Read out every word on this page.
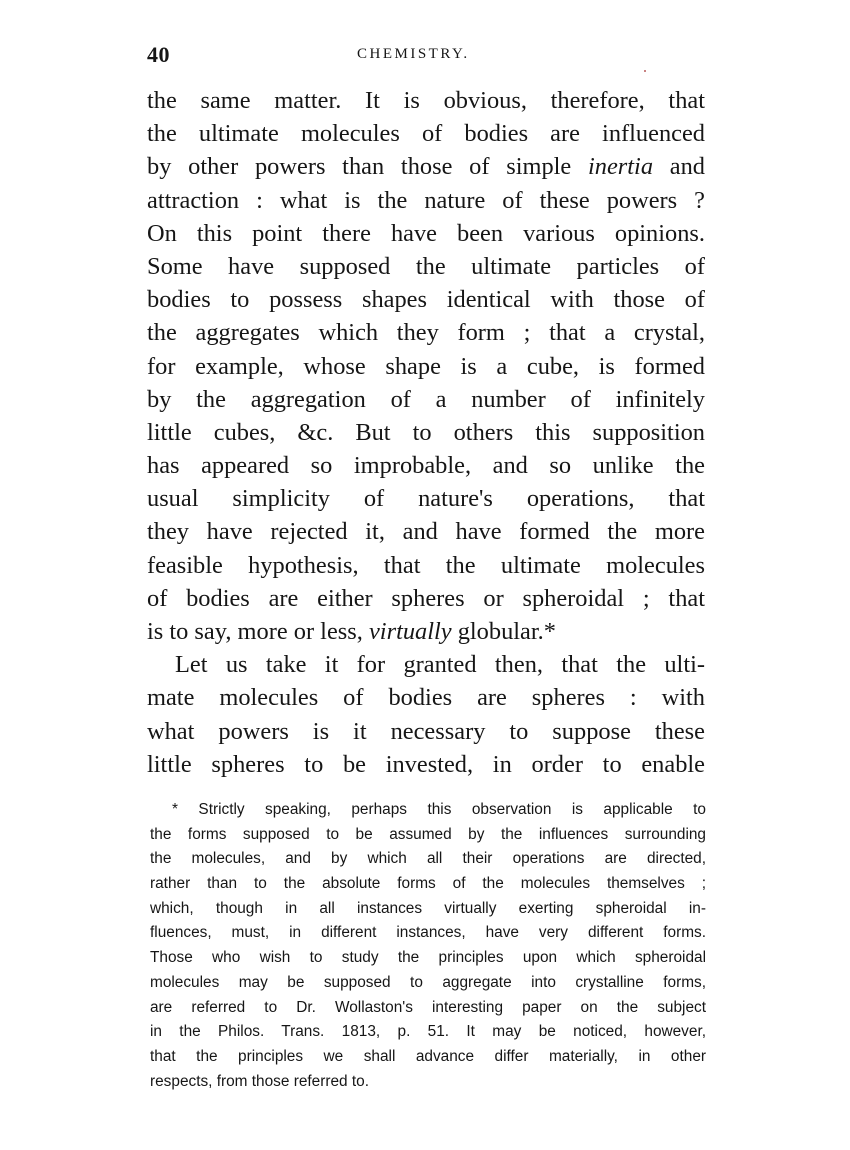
40	CHEMISTRY.
the same matter. It is obvious, therefore, that
the ultimate molecules of bodies are influenced
by other powers than those of simple inertia and
attraction : what is the nature of these powers ?
On this point there have been various opinions.
Some have supposed the ultimate particles of
bodies to possess shapes identical with those of
the aggregates which they form ; that a crystal,
for example, whose shape is a cube, is formed
by the aggregation of a number of infinitely
little cubes, &c. But to others this supposition
has appeared so improbable, and so unlike the
usual simplicity of nature's operations, that
they have rejected it, and have formed the more
feasible hypothesis, that the ultimate molecules
of bodies are either spheres or spheroidal ; that
is to say, more or less, virtually globular.*
Let us take it for granted then, that the ulti-
mate molecules of bodies are spheres : with
what powers is it necessary to suppose these
little spheres to be invested, in order to enable
* Strictly speaking, perhaps this observation is applicable to
the forms supposed to be assumed by the influences surrounding
the molecules, and by which all their operations are directed,
rather than to the absolute forms of the molecules themselves ;
which, though in all instances virtually exerting spheroidal in-
fluences, must, in different instances, have very different forms.
Those who wish to study the principles upon which spheroidal
molecules may be supposed to aggregate into crystalline forms,
are referred to Dr. Wollaston's interesting paper on the subject
in the Philos. Trans. 1813, p. 51. It may be noticed, however,
that the principles we shall advance differ materially, in other
respects, from those referred to.
